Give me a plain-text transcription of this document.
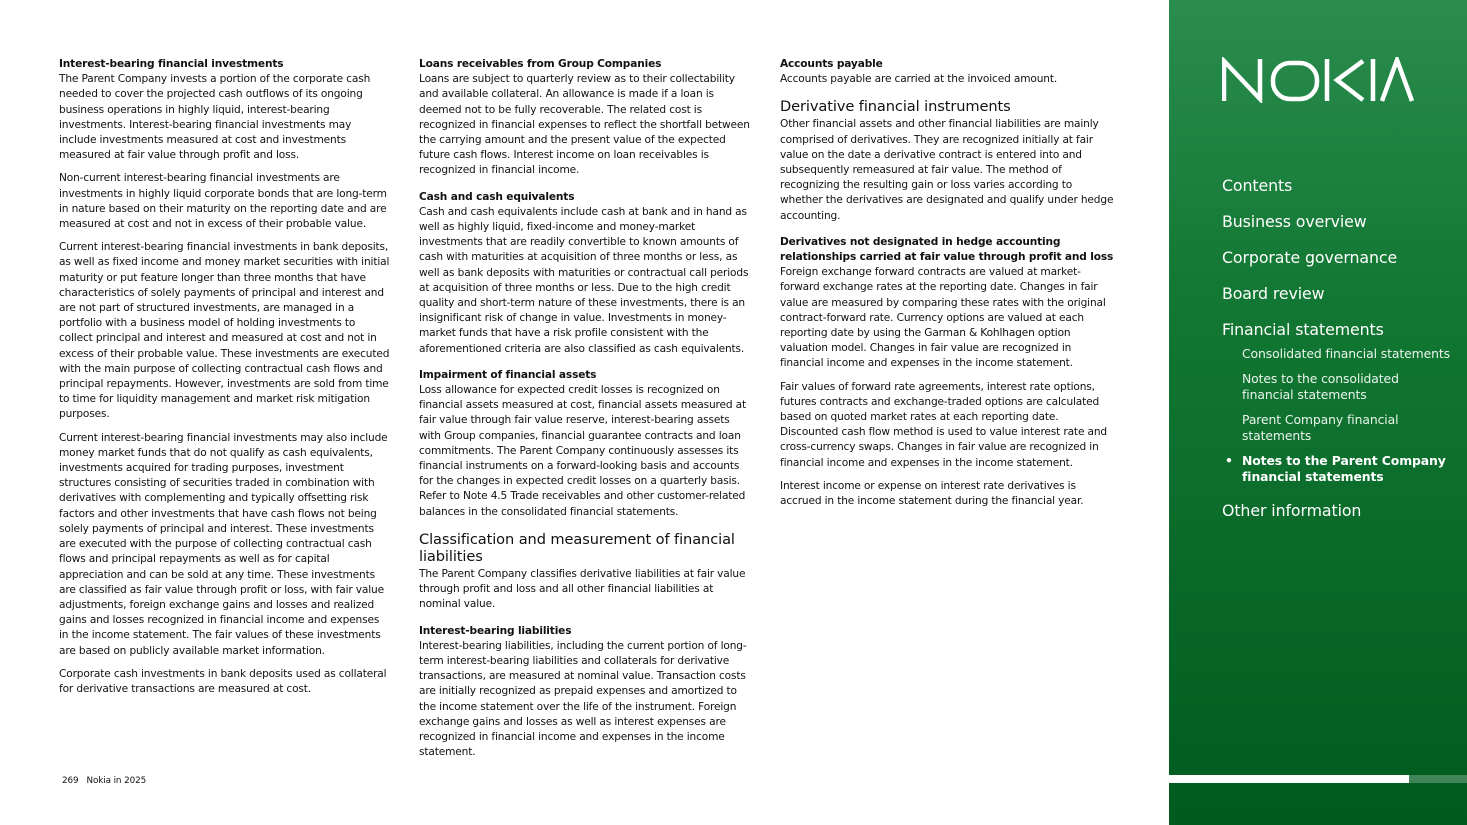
Interest-bearing financial investments

The Parent Company invests a portion of the corporate cash needed to cover the projected cash outflows of its ongoing business operations in highly liquid, interest-bearing investments. Interest-bearing financial investments may include investments measured at cost and investments measured at fair value through profit and loss.

Non-current interest-bearing financial investments are investments in highly liquid corporate bonds that are long-term in nature based on their maturity on the reporting date and are measured at cost and not in excess of their probable value.

Current interest-bearing financial investments in bank deposits, as well as fixed income and money market securities with initial maturity or put feature longer than three months that have characteristics of solely payments of principal and interest and are not part of structured investments, are managed in a portfolio with a business model of holding investments to collect principal and interest and measured at cost and not in excess of their probable value. These investments are executed with the main purpose of collecting contractual cash flows and principal repayments. However, investments are sold from time to time for liquidity management and market risk mitigation purposes.

Current interest-bearing financial investments may also include money market funds that do not qualify as cash equivalents, investments acquired for trading purposes, investment structures consisting of securities traded in combination with derivatives with complementing and typically offsetting risk factors and other investments that have cash flows not being solely payments of principal and interest. These investments are executed with the purpose of collecting contractual cash flows and principal repayments as well as for capital appreciation and can be sold at any time. These investments are classified as fair value through profit or loss, with fair value adjustments, foreign exchange gains and losses and realized gains and losses recognized in financial income and expenses in the income statement. The fair values of these investments are based on publicly available market information.

Corporate cash investments in bank deposits used as collateral for derivative transactions are measured at cost.

Loans receivables from Group Companies

Loans are subject to quarterly review as to their collectability and available collateral. An allowance is made if a loan is deemed not to be fully recoverable. The related cost is recognized in financial expenses to reflect the shortfall between the carrying amount and the present value of the expected future cash flows. Interest income on loan receivables is recognized in financial income.

Cash and cash equivalents

Cash and cash equivalents include cash at bank and in hand as well as highly liquid, fixed-income and money-market investments that are readily convertible to known amounts of cash with maturities at acquisition of three months or less, as well as bank deposits with maturities or contractual call periods at acquisition of three months or less. Due to the high credit quality and short-term nature of these investments, there is an insignificant risk of change in value. Investments in money-market funds that have a risk profile consistent with the aforementioned criteria are also classified as cash equivalents.

Impairment of financial assets

Loss allowance for expected credit losses is recognized on financial assets measured at cost, financial assets measured at fair value through fair value reserve, interest-bearing assets with Group companies, financial guarantee contracts and loan commitments. The Parent Company continuously assesses its financial instruments on a forward-looking basis and accounts for the changes in expected credit losses on a quarterly basis. Refer to Note 4.5 Trade receivables and other customer-related balances in the consolidated financial statements.

Classification and measurement of financial liabilities

The Parent Company classifies derivative liabilities at fair value through profit and loss and all other financial liabilities at nominal value.

Interest-bearing liabilities

Interest-bearing liabilities, including the current portion of long-term interest-bearing liabilities and collaterals for derivative transactions, are measured at nominal value. Transaction costs are initially recognized as prepaid expenses and amortized to the income statement over the life of the instrument. Foreign exchange gains and losses as well as interest expenses are recognized in financial income and expenses in the income statement.

Accounts payable

Accounts payable are carried at the invoiced amount.

Derivative financial instruments

Other financial assets and other financial liabilities are mainly comprised of derivatives. They are recognized initially at fair value on the date a derivative contract is entered into and subsequently remeasured at fair value. The method of recognizing the resulting gain or loss varies according to whether the derivatives are designated and qualify under hedge accounting.

Derivatives not designated in hedge accounting relationships carried at fair value through profit and loss

Foreign exchange forward contracts are valued at market-forward exchange rates at the reporting date. Changes in fair value are measured by comparing these rates with the original contract-forward rate. Currency options are valued at each reporting date by using the Garman & Kohlhagen option valuation model. Changes in fair value are recognized in financial income and expenses in the income statement.

Fair values of forward rate agreements, interest rate options, futures contracts and exchange-traded options are calculated based on quoted market rates at each reporting date. Discounted cash flow method is used to value interest rate and cross-currency swaps. Changes in fair value are recognized in financial income and expenses in the income statement.

Interest income or expense on interest rate derivatives is accrued in the income statement during the financial year.

269 Nokia in 2025
Contents
Business overview
Corporate governance
Board review
Financial statements
Consolidated financial statements
Notes to the consolidated financial statements
Parent Company financial statements
• Notes to the Parent Company financial statements
Other information
